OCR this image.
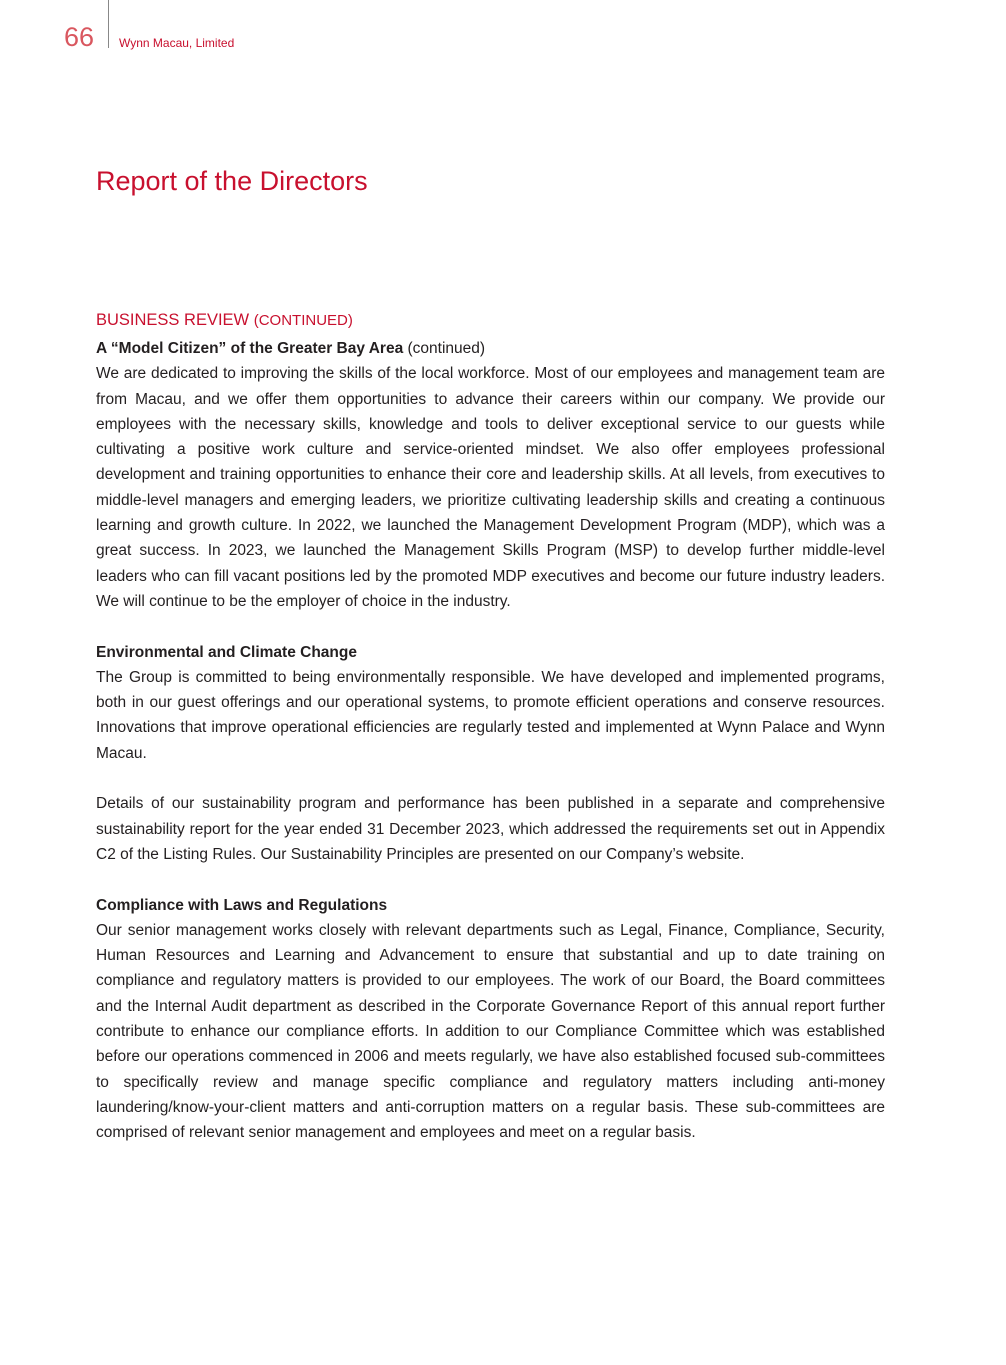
66 Wynn Macau, Limited
Report of the Directors
BUSINESS REVIEW (CONTINUED)
A “Model Citizen” of the Greater Bay Area (continued)

We are dedicated to improving the skills of the local workforce. Most of our employees and management team are from Macau, and we offer them opportunities to advance their careers within our company. We provide our employees with the necessary skills, knowledge and tools to deliver exceptional service to our guests while cultivating a positive work culture and service-oriented mindset. We also offer employees professional development and training opportunities to enhance their core and leadership skills. At all levels, from executives to middle-level managers and emerging leaders, we prioritize cultivating leadership skills and creating a continuous learning and growth culture. In 2022, we launched the Management Development Program (MDP), which was a great success. In 2023, we launched the Management Skills Program (MSP) to develop further middle-level leaders who can fill vacant positions led by the promoted MDP executives and become our future industry leaders. We will continue to be the employer of choice in the industry.

Environmental and Climate Change

The Group is committed to being environmentally responsible. We have developed and implemented programs, both in our guest offerings and our operational systems, to promote efficient operations and conserve resources. Innovations that improve operational efficiencies are regularly tested and implemented at Wynn Palace and Wynn Macau.

Details of our sustainability program and performance has been published in a separate and comprehensive sustainability report for the year ended 31 December 2023, which addressed the requirements set out in Appendix C2 of the Listing Rules. Our Sustainability Principles are presented on our Company’s website.

Compliance with Laws and Regulations

Our senior management works closely with relevant departments such as Legal, Finance, Compliance, Security, Human Resources and Learning and Advancement to ensure that substantial and up to date training on compliance and regulatory matters is provided to our employees. The work of our Board, the Board committees and the Internal Audit department as described in the Corporate Governance Report of this annual report further contribute to enhance our compliance efforts. In addition to our Compliance Committee which was established before our operations commenced in 2006 and meets regularly, we have also established focused sub-committees to specifically review and manage specific compliance and regulatory matters including anti-money laundering/know-your-client matters and anti-corruption matters on a regular basis. These sub-committees are comprised of relevant senior management and employees and meet on a regular basis.
